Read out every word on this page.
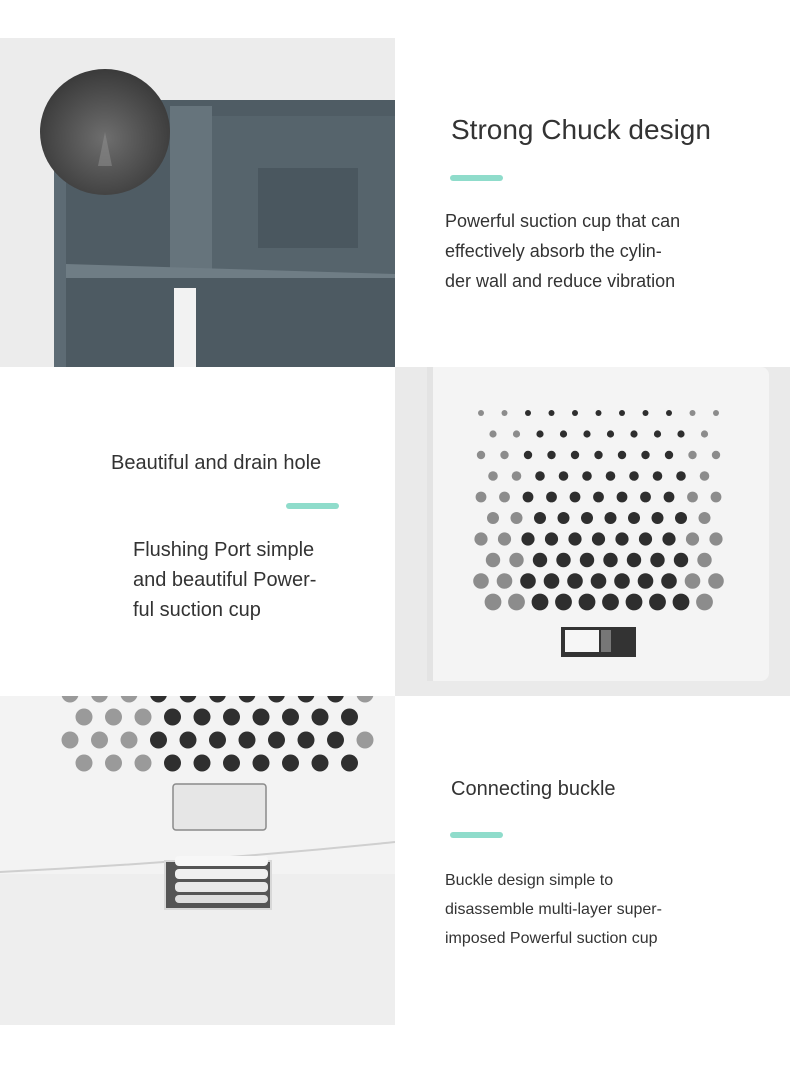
Strong Chuck design

Powerful suction cup that can
effectively absorb the cylin-
der wall and reduce vibration

Beautiful and drain hole

Flushing Port simple
and beautiful Power-
ful suction cup

Connecting buckle

Buckle design simple to
disassemble multi-layer super-
imposed Powerful suction cup
